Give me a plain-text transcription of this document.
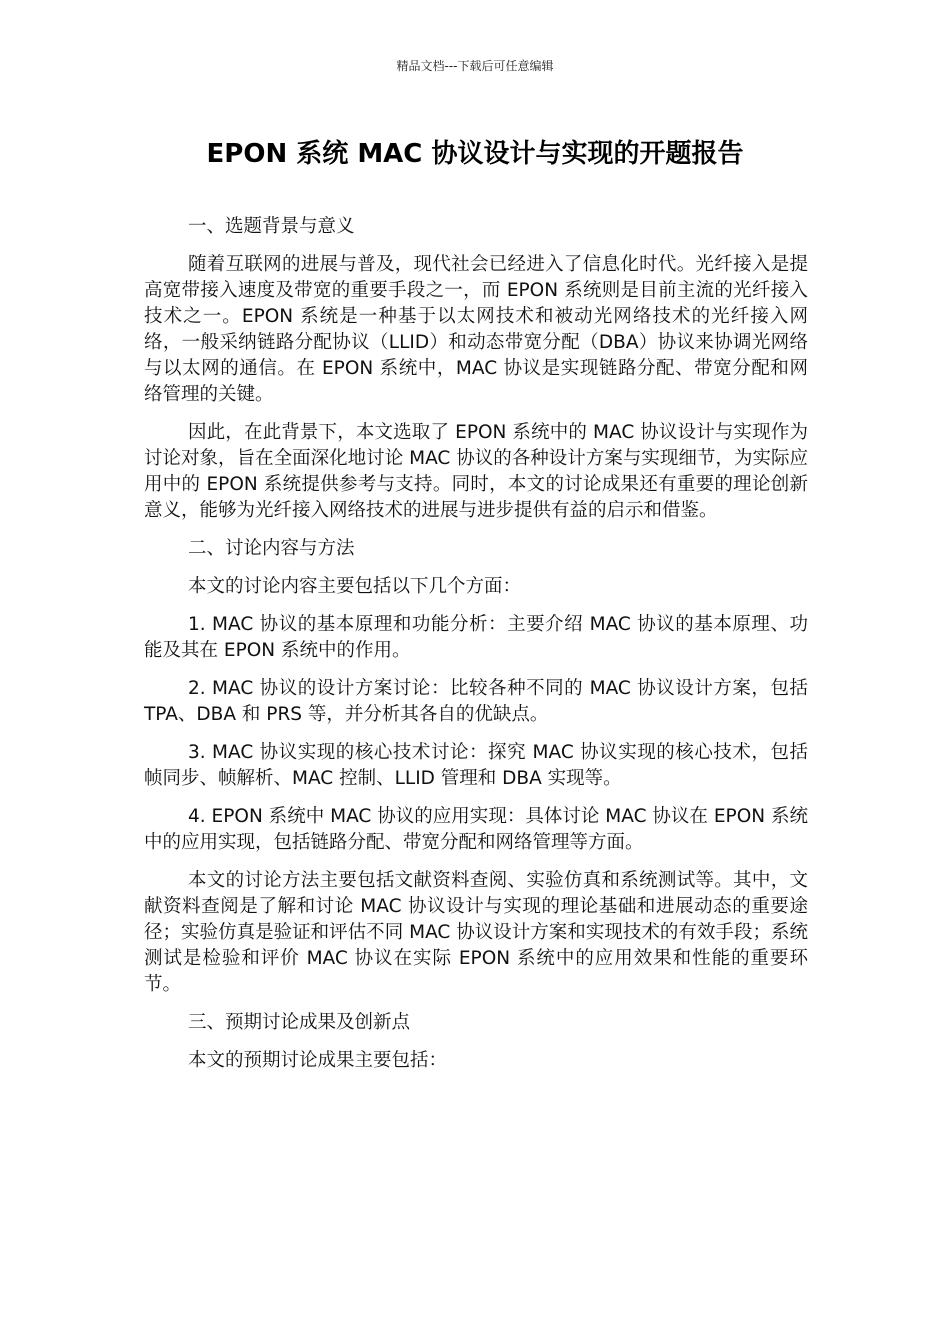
精品文档---下载后可任意编辑
EPON 系统 MAC 协议设计与实现的开题报告

一、选题背景与意义

随着互联网的进展与普及，现代社会已经进入了信息化时代。光纤接入是提高宽带接入速度及带宽的重要手段之一，而 EPON 系统则是目前主流的光纤接入技术之一。EPON 系统是一种基于以太网技术和被动光网络技术的光纤接入网络，一般采纳链路分配协议（LLID）和动态带宽分配（DBA）协议来协调光网络与以太网的通信。在 EPON 系统中，MAC 协议是实现链路分配、带宽分配和网络管理的关键。

因此，在此背景下，本文选取了 EPON 系统中的 MAC 协议设计与实现作为讨论对象，旨在全面深化地讨论 MAC 协议的各种设计方案与实现细节，为实际应用中的 EPON 系统提供参考与支持。同时，本文的讨论成果还有重要的理论创新意义，能够为光纤接入网络技术的进展与进步提供有益的启示和借鉴。

二、讨论内容与方法

本文的讨论内容主要包括以下几个方面：

1. MAC 协议的基本原理和功能分析：主要介绍 MAC 协议的基本原理、功能及其在 EPON 系统中的作用。

2. MAC 协议的设计方案讨论：比较各种不同的 MAC 协议设计方案，包括 TPA、DBA 和 PRS 等，并分析其各自的优缺点。

3. MAC 协议实现的核心技术讨论：探究 MAC 协议实现的核心技术，包括帧同步、帧解析、MAC 控制、LLID 管理和 DBA 实现等。

4. EPON 系统中 MAC 协议的应用实现：具体讨论 MAC 协议在 EPON 系统中的应用实现，包括链路分配、带宽分配和网络管理等方面。

本文的讨论方法主要包括文献资料查阅、实验仿真和系统测试等。其中，文献资料查阅是了解和讨论 MAC 协议设计与实现的理论基础和进展动态的重要途径；实验仿真是验证和评估不同 MAC 协议设计方案和实现技术的有效手段；系统测试是检验和评价 MAC 协议在实际 EPON 系统中的应用效果和性能的重要环节。

三、预期讨论成果及创新点

本文的预期讨论成果主要包括：
